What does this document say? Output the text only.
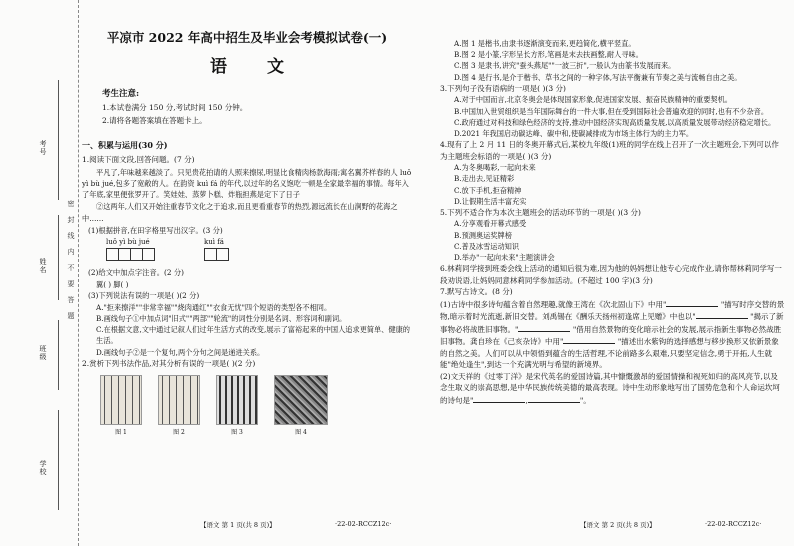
考号
姓名
班级
学校
密封线内不要答题

平凉市 2022 年高中招生及毕业会考模拟试卷(一)

语文

考生注意:

1.本试卷满分 150 分,考试时间 150 分钟。

2.请将各题答案填在答题卡上。

一、积累与运用(30 分)

1.阅读下面文段,回答问题。(7 分)

平凡了,年味越来越淡了。只见贵花拍请的人照来擦尿,明显比食精肉杨款海雨;寓名翼芥样春的人 luǒ yì bù jué,包多了宽敞的人。在韵资 kuì fá 的年代,以过年的名义饱吃一顿是全家最幸福的事情。每年入了年底,家里便张罗开了。笑娃娃、蒸萝卜糕、炸瓶担燕是定下了日子

②这两年,人们又开始注重春节文化之于追求,而且更看重春节的热烈,源远流长在山涧野的花海之中……

(1)根据拼音,在田字格里写出汉字。(3 分)

luǒ yì bù jué	kuì fá

(2)给文中加点字注音。(2 分)

翼( ) 脚( )

(3)下列说法有误的一项是( )(2 分)

A."拒来擦洋""非常幸福""烧肉通红""衣食无忧"四个短语的类型各不相同。

B.画线句子①中加点词"旧式""两部""轮流"的词性分别是名词、形容词和副词。

C.在根据文意,文中通过记叙人们过年生活方式的改变,展示了富裕起来的中国人追求更简单、健康的生活。

D.画线句子②是一个复句,两个分句之间是递进关系。

2.赏析下列书法作品,对其分析有误的一项是( )(2 分)

图 1	图 2	图 3	图 4

A.图 1 是楷书,由隶书逐渐演变而来,更趋简化,横平竖直。

B.图 2 是小篆,字形呈长方形,笔画是末去扶画整,耐人寻味。

C.图 3 是隶书,讲究"蚕头燕尾""一波三折",一般认为由篆书发展而来。

D.图 4 是行书,是介于楷书、草书之间的一种字体,写法平衡兼有节奏之美与流畅自由之美。

3.下列句子没有语病的一项是( )(3 分)

A.对于中国而言,北京冬奥会是体现国家形象,促进国家发展、振奋民族精神的重要契机。

B.中国加入世贸组织是当年国际舞台的一件大事,但在受到国际社会普遍欢迎的同时,也有不少杂音。

C.政府通过对科技和绿色经济的支持,推动中国经济实现高质量发展,以高质量发展带动经济稳定增长。

D.2021 年我国启动碳达峰、碳中和,使碳减排成为市场主体行为的主力军。

4.现有了上 2 月 11 日的冬奥开幕式后,某校九年级(1)班的同学在线上召开了一次主题班会,下列可以作为主题班会标语的一项是( )(3 分)

A.为冬奥喝彩,一起向未来

B.走出去,见证精彩

C.放下手机,拒奋精神

D.让假期生活丰富充实

5.下列不适合作为本次主题班会的活动环节的一项是( )(3 分)

A.分享观看开幕式感受

B.预测奥运奖牌榜

C.普及冰雪运动知识

D.举办"一起向未来"主题演讲会

6.林莉同学接到班委会线上活动的通知后很为难,因为他的妈妈想让他专心完成作业,请你帮林莉同学写一段劝说语,让妈妈同意林莉同学参加活动。(不超过 100 字)(3 分)

7.默写古诗文。(8 分)

(1)古诗中很多诗句蕴含着自然理趣,就像王湾在《次北固山下》中用"	"描写时序交替的景物,暗示着时光流逝,新旧交替。刘禹锡在《酬乐天扬州初逢席上见赠》中也以"	"揭示了新事物必将战胜旧事物。"	"借用自然景物的变化暗示社会的发展,展示指新生事物必然战胜旧事物。龚自珍在《己亥杂诗》中用"	"描述出水紫钩的选择感想与移步换形又依新景象的自然之美。人们可以从中领悟到蕴含的生活哲理,不论前路多么艰难,只要坚定信念,勇于开拓,人生就能"绝处逢生",到达一个充满光明与希望的新境界。

(2)文天祥的《过零丁洋》是宋代英名的爱国诗篇,其中慷慨激昂的爱国情操和视死如归的高风亮节,以及念生取义的崇高思想,是中华民族传统美德的最高表现。诗中生动形象地写出了国势危急和个人命运坎坷的诗句是"	,	"。

【语文 第 1 页(共 8 页)】	·22-02-RCCZ12c·	【语文 第 2 页(共 8 页)】	·22-02-RCCZ12c·
